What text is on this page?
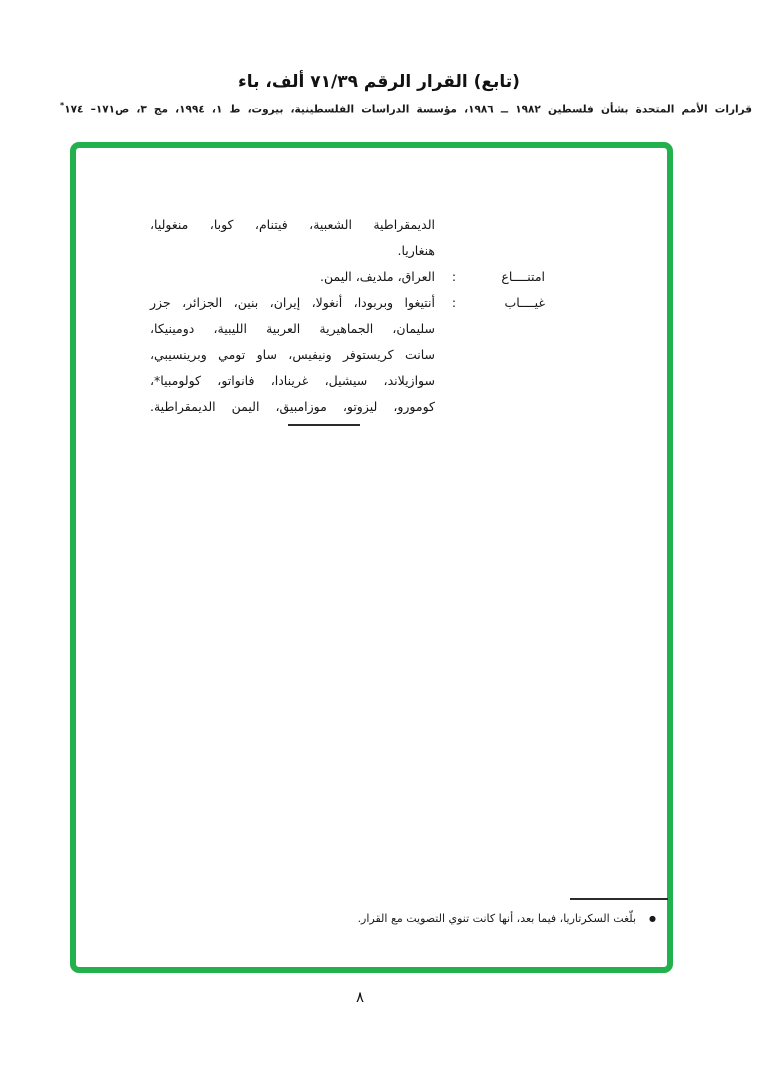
(تابع) القرار الرقم ٧١/٣٩ ألف، باء
قرارات الأمم المتحدة بشأن فلسطين ١٩٨٢ ــ ١٩٨٦، مؤسسة الدراسات الفلسطينية، بيروت، ط ١، ١٩٩٤، مج ٣، ص١٧١– ١٧٤*
الديمقراطية الشعبية، فيتنام، كوبا، منغوليا،
هنغاريا.
امتنــــاع
:
العراق، ملديف، اليمن.
غيــــاب
:
أنتيغوا وبربودا، أنغولا، إيران، بنين، الجزائر، جزر
سليمان، الجماهيرية العربية الليبية، دومينيكا،
سانت كريستوفر ونيفيس، ساو تومي وبرينسيبي،
سوازيلاند، سيشيل، غرينادا، فانواتو، كولومبيا*،
كومورو، ليزوتو، موزامبيق، اليمن الديمقراطية.
●
بلّغت السكرتاريا، فيما بعد، أنها كانت تنوي التصويت مع القرار.
٨
